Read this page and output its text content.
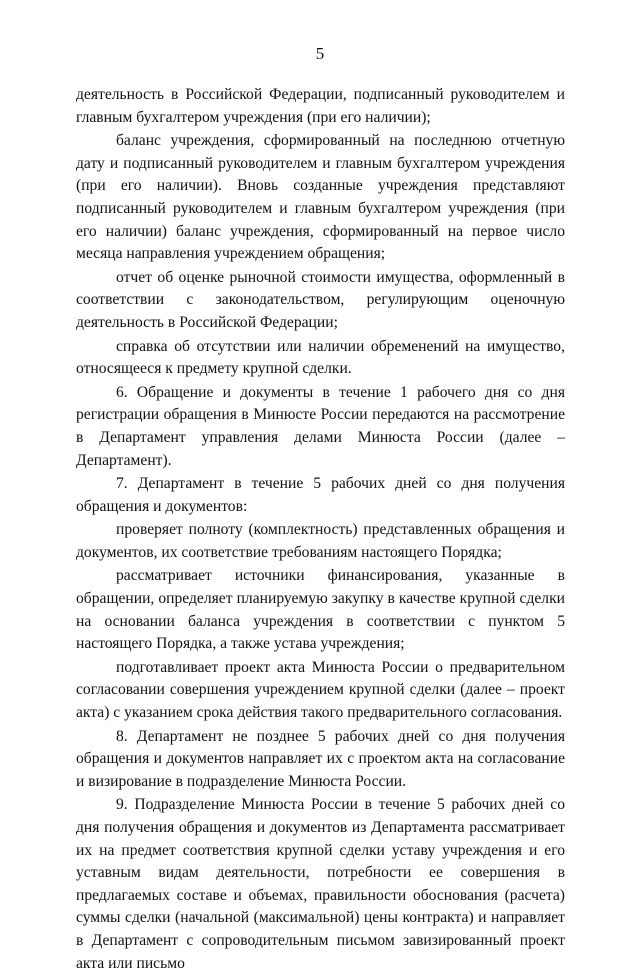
5

деятельность в Российской Федерации, подписанный руководителем и главным бухгалтером учреждения (при его наличии);

баланс учреждения, сформированный на последнюю отчетную дату и подписанный руководителем и главным бухгалтером учреждения (при его наличии). Вновь созданные учреждения представляют подписанный руководителем и главным бухгалтером учреждения (при его наличии) баланс учреждения, сформированный на первое число месяца направления учреждением обращения;

отчет об оценке рыночной стоимости имущества, оформленный в соответствии с законодательством, регулирующим оценочную деятельность в Российской Федерации;

справка об отсутствии или наличии обременений на имущество, относящееся к предмету крупной сделки.

6. Обращение и документы в течение 1 рабочего дня со дня регистрации обращения в Минюсте России передаются на рассмотрение в Департамент управления делами Минюста России (далее – Департамент).

7. Департамент в течение 5 рабочих дней со дня получения обращения и документов:

проверяет полноту (комплектность) представленных обращения и документов, их соответствие требованиям настоящего Порядка;

рассматривает источники финансирования, указанные в обращении, определяет планируемую закупку в качестве крупной сделки на основании баланса учреждения в соответствии с пунктом 5 настоящего Порядка, а также устава учреждения;

подготавливает проект акта Минюста России о предварительном согласовании совершения учреждением крупной сделки (далее – проект акта) с указанием срока действия такого предварительного согласования.

8. Департамент не позднее 5 рабочих дней со дня получения обращения и документов направляет их с проектом акта на согласование и визирование в подразделение Минюста России.

9. Подразделение Минюста России в течение 5 рабочих дней со дня получения обращения и документов из Департамента рассматривает их на предмет соответствия крупной сделки уставу учреждения и его уставным видам деятельности, потребности ее совершения в предлагаемых составе и объемах, правильности обоснования (расчета) суммы сделки (начальной (максимальной) цены контракта) и направляет в Департамент с сопроводительным письмом завизированный проект акта или письмо
